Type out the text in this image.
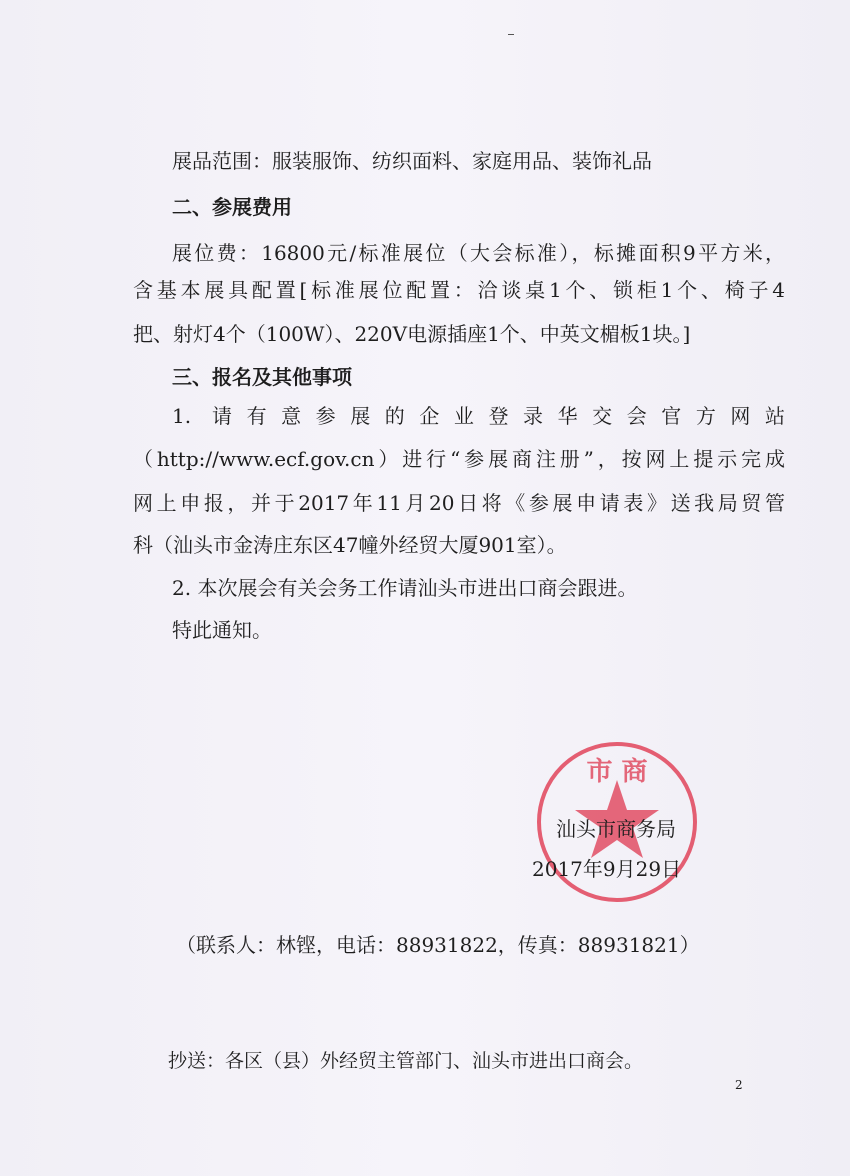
展品范围：服装服饰、纺织面料、家庭用品、装饰礼品
二、参展费用
展位费：16800元/标准展位（大会标准），标摊面积9平方米，
含基本展具配置[标准展位配置：洽谈桌1个、锁柜1个、椅子4
把、射灯4个（100W）、220V电源插座1个、中英文楣板1块。]
三、报名及其他事项
1. 请有意参展的企业登录华交会官方网站
（http://www.ecf.gov.cn）进行“参展商注册”，按网上提示完成
网上申报，并于2017年11月20日将《参展申请表》送我局贸管
科（汕头市金涛庄东区47幢外经贸大厦901室）。
2. 本次展会有关会务工作请汕头市进出口商会跟进。
特此通知。
市 商
汕头市商务局
2017年9月29日
（联系人：林铿，电话：88931822，传真：88931821）
抄送：各区（县）外经贸主管部门、汕头市进出口商会。
2
